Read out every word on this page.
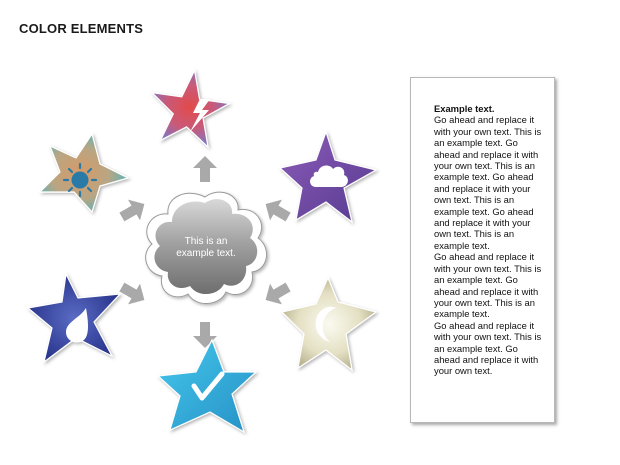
COLOR ELEMENTS
This is an
example text.
Example text.

Go ahead and replace it with your own text. This is an example text. Go ahead and replace it with your own text. This is an example text. Go ahead and replace it with your own text. This is an example text. Go ahead and replace it with your own text. This is an example text.

Go ahead and replace it with your own text. This is an example text. Go ahead and replace it with your own text. This is an example text.

Go ahead and replace it with your own text. This is an example text. Go ahead and replace it with your own text.
